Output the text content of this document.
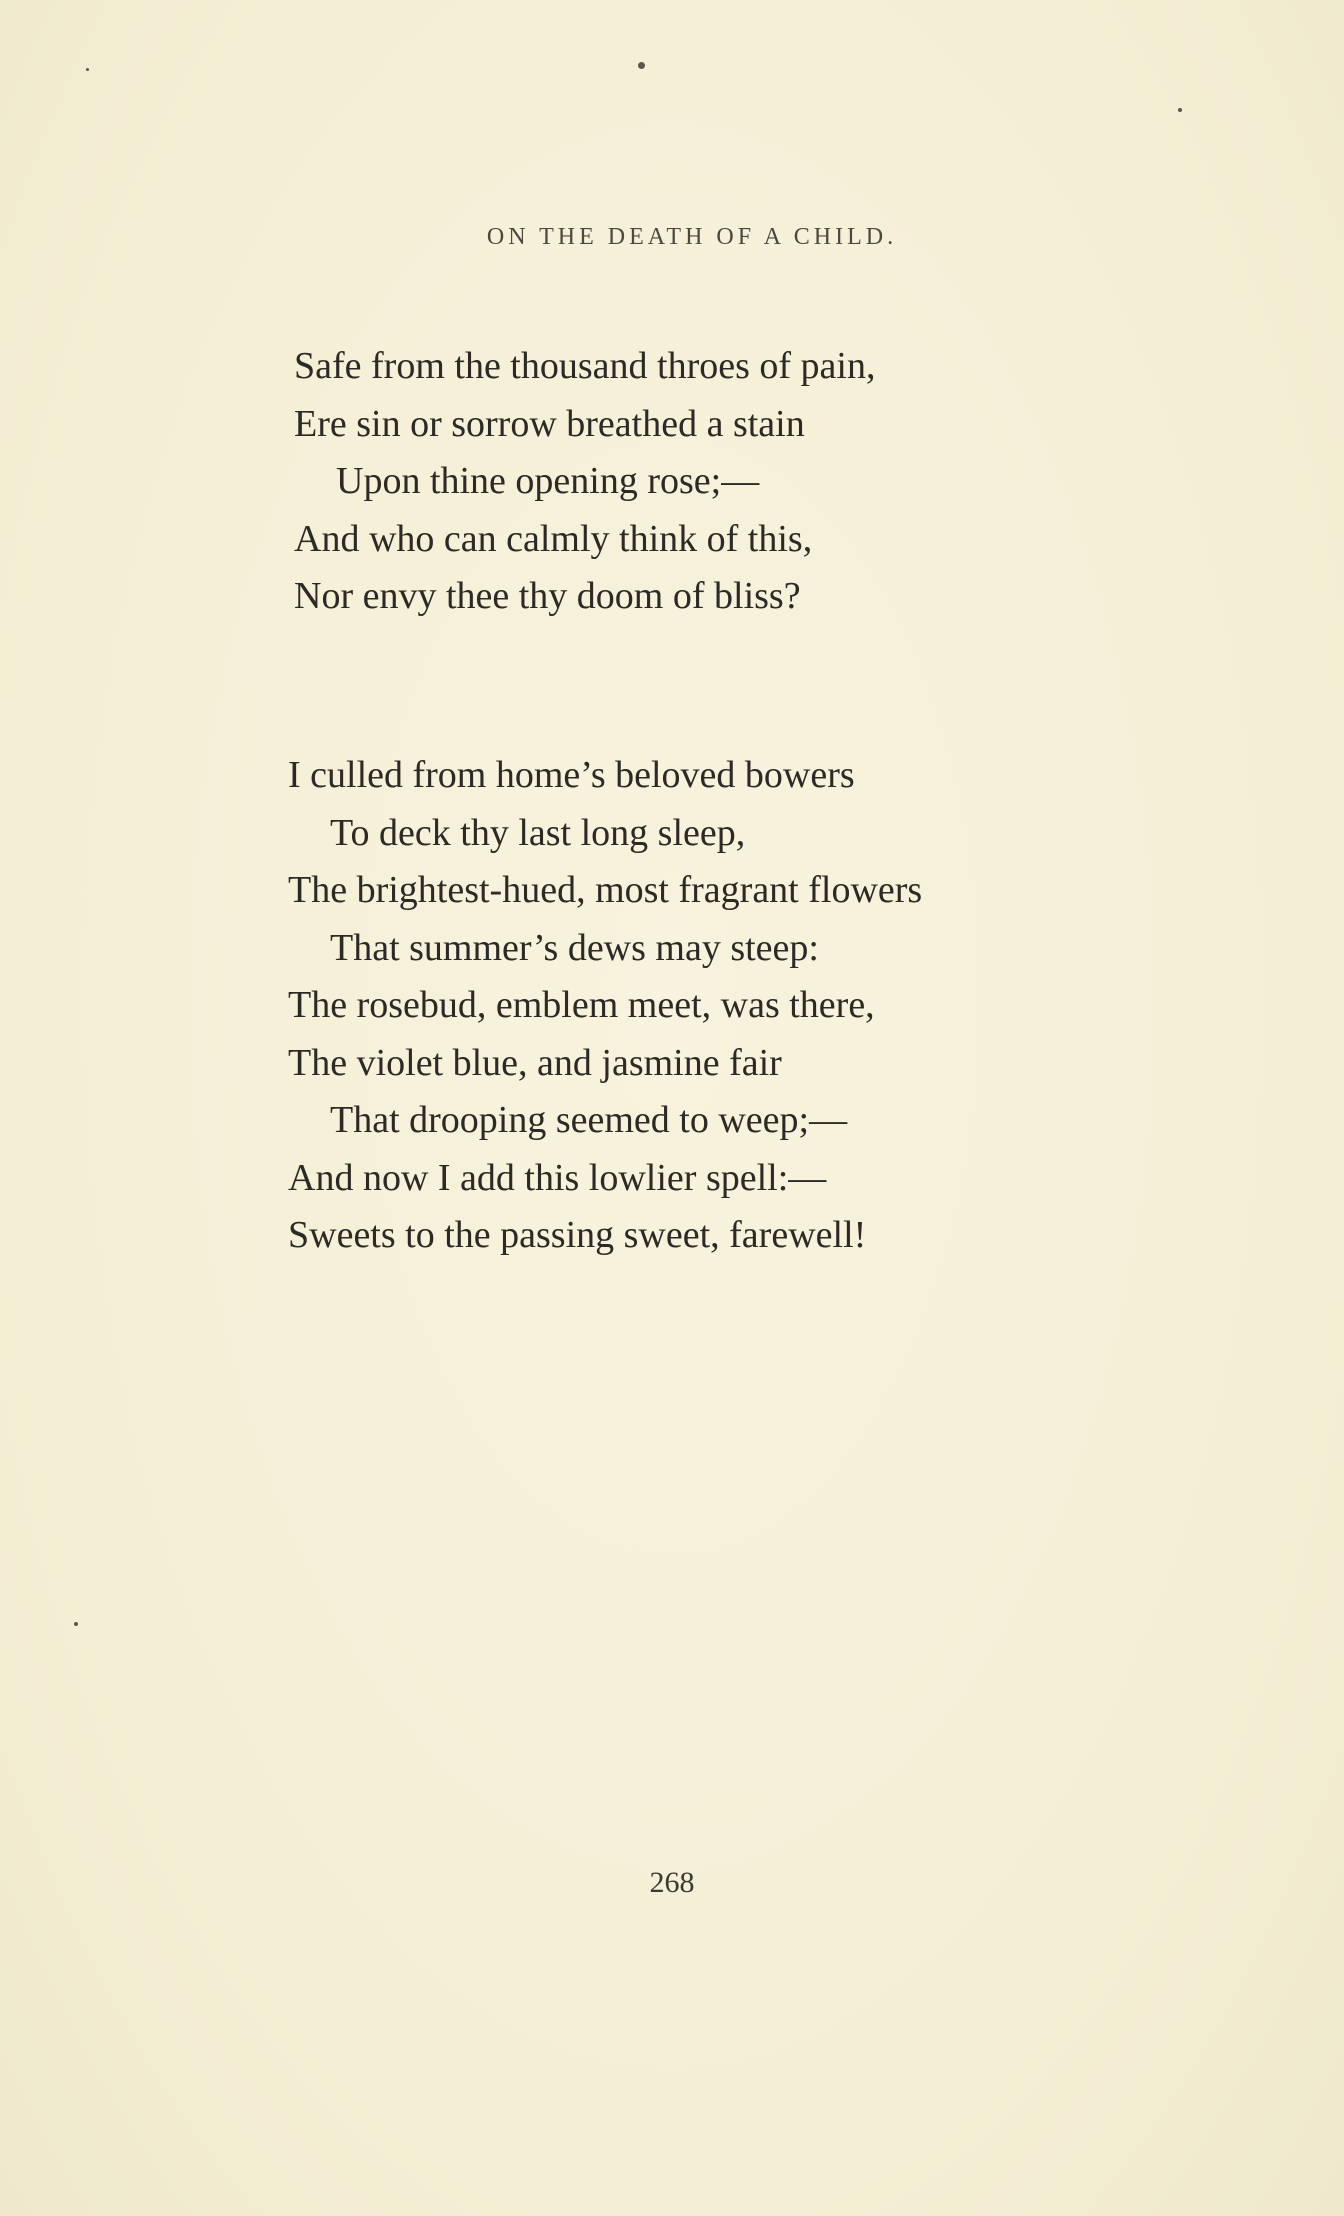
ON THE DEATH OF A CHILD.
Safe from the thousand throes of pain,
Ere sin or sorrow breathed a stain
Upon thine opening rose;—
And who can calmly think of this,
Nor envy thee thy doom of bliss?
I culled from home’s beloved bowers
To deck thy last long sleep,
The brightest-hued, most fragrant flowers
That summer’s dews may steep:
The rosebud, emblem meet, was there,
The violet blue, and jasmine fair
That drooping seemed to weep;—
And now I add this lowlier spell:—
Sweets to the passing sweet, farewell!
268
